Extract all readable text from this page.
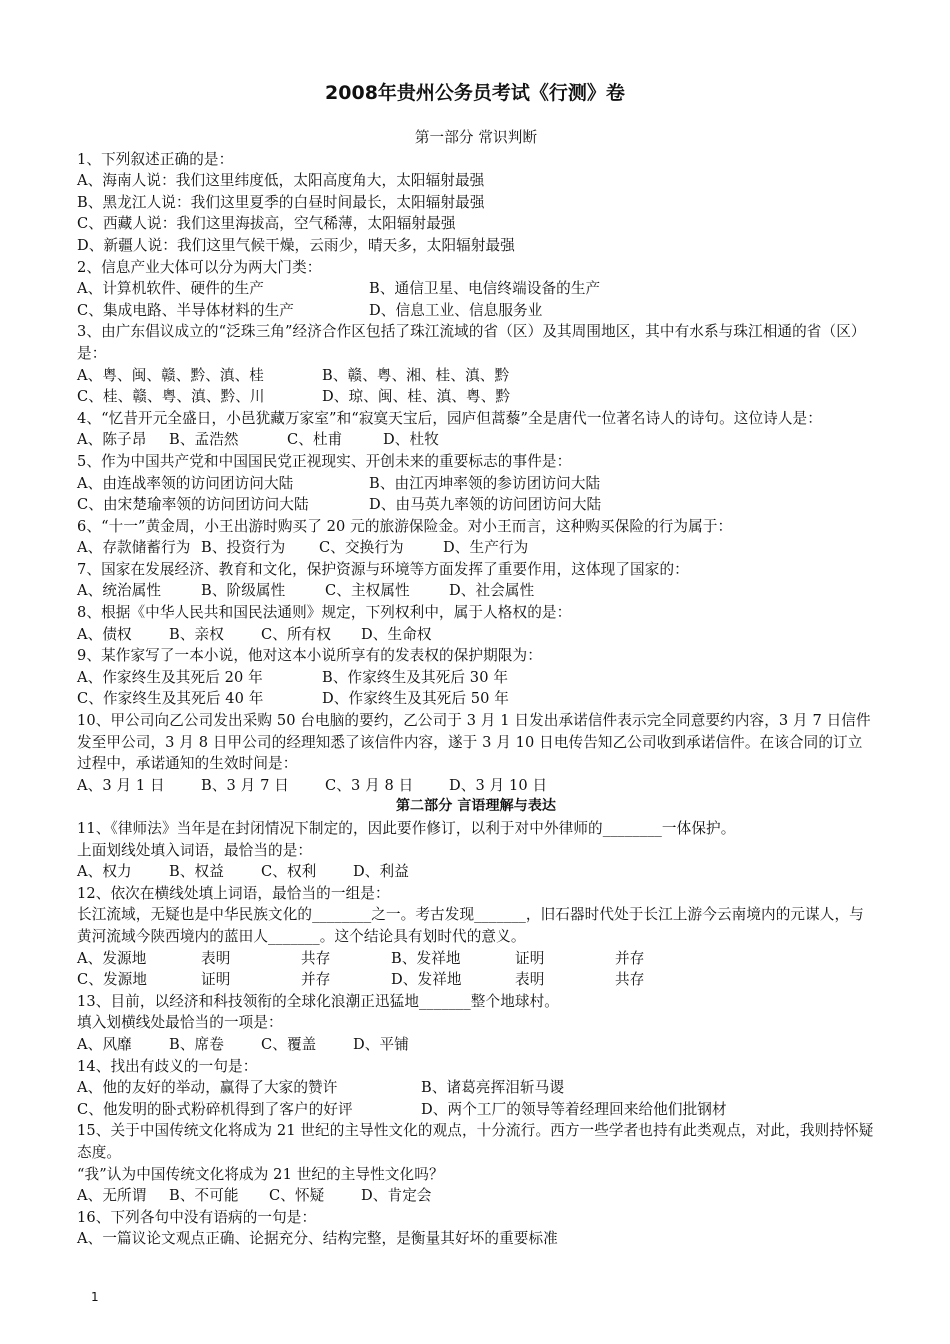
2008年贵州公务员考试《行测》卷
第一部分 常识判断
1、下列叙述正确的是：
A、海南人说：我们这里纬度低，太阳高度角大，太阳辐射最强
B、黑龙江人说：我们这里夏季的白昼时间最长，太阳辐射最强
C、西藏人说：我们这里海拔高，空气稀薄，太阳辐射最强
D、新疆人说：我们这里气候干燥，云雨少，晴天多，太阳辐射最强
2、信息产业大体可以分为两大门类：
A、计算机软件、硬件的生产	B、通信卫星、电信终端设备的生产
C、集成电路、半导体材料的生产	D、信息工业、信息服务业
3、由广东倡议成立的“泛珠三角”经济合作区包括了珠江流域的省（区）及其周围地区，其中有水系与珠江相通的省（区）是：
A、粤、闽、赣、黔、滇、桂	B、赣、粤、湘、桂、滇、黔
C、桂、赣、粤、滇、黔、川	D、琼、闽、桂、滇、粤、黔
4、“忆昔开元全盛日，小邑犹藏万家室”和“寂寞天宝后，园庐但蒿藜”全是唐代一位著名诗人的诗句。这位诗人是：
A、陈子昂 B、孟浩然	C、杜甫	D、杜牧
5、作为中国共产党和中国国民党正视现实、开创未来的重要标志的事件是：
A、由连战率领的访问团访问大陆	B、由江丙坤率领的参访团访问大陆
C、由宋楚瑜率领的访问团访问大陆	D、由马英九率领的访问团访问大陆
6、“十一”黄金周，小王出游时购买了 20 元的旅游保险金。对小王而言，这种购买保险的行为属于：
A、存款储蓄行为 B、投资行为 C、交换行为	D、生产行为
7、国家在发展经济、教育和文化，保护资源与环境等方面发挥了重要作用，这体现了国家的：
A、统治属性	B、阶级属性	C、主权属性	D、社会属性
8、根据《中华人民共和国民法通则》规定，下列权利中，属于人格权的是：
A、债权	B、亲权	C、所有权 D、生命权
9、某作家写了一本小说，他对这本小说所享有的发表权的保护期限为：
A、作家终生及其死后 20 年	B、作家终生及其死后 30 年
C、作家终生及其死后 40 年	D、作家终生及其死后 50 年
10、甲公司向乙公司发出采购 50 台电脑的要约，乙公司于 3 月 1 日发出承诺信件表示完全同意要约内容，3 月 7 日信件发至甲公司，3 月 8 日甲公司的经理知悉了该信件内容，遂于 3 月 10 日电传告知乙公司收到承诺信件。在该合同的订立过程中，承诺通知的生效时间是：
A、3 月 1 日 B、3 月 7 日 C、3 月 8 日 D、3 月 10 日
第二部分 言语理解与表达
11、《律师法》当年是在封闭情况下制定的，因此要作修订，以利于对中外律师的________一体保护。
上面划线处填入词语，最恰当的是：
A、权力	B、权益	C、权利	D、利益
12、依次在横线处填上词语，最恰当的一组是：
长江流域，无疑也是中华民族文化的________之一。考古发现_______，旧石器时代处于长江上游今云南境内的元谋人，与黄河流域今陕西境内的蓝田人_______。这个结论具有划时代的意义。
A、发源地	表明	共存	B、发祥地	证明	并存
C、发源地	证明	并存	D、发祥地	表明	共存
13、目前，以经济和科技领衔的全球化浪潮正迅猛地_______整个地球村。
填入划横线处最恰当的一项是：
A、风靡	B、席卷	C、覆盖	D、平铺
14、找出有歧义的一句是：
A、他的友好的举动，赢得了大家的赞许	B、诸葛亮挥泪斩马谡
C、他发明的卧式粉碎机得到了客户的好评	D、两个工厂的领导等着经理回来给他们批钢材
15、关于中国传统文化将成为 21 世纪的主导性文化的观点，十分流行。西方一些学者也持有此类观点，对此，我则持怀疑态度。
“我”认为中国传统文化将成为 21 世纪的主导性文化吗？
A、无所谓 B、不可能 C、怀疑	D、肯定会
16、下列各句中没有语病的一句是：
A、一篇议论文观点正确、论据充分、结构完整，是衡量其好坏的重要标准
1
